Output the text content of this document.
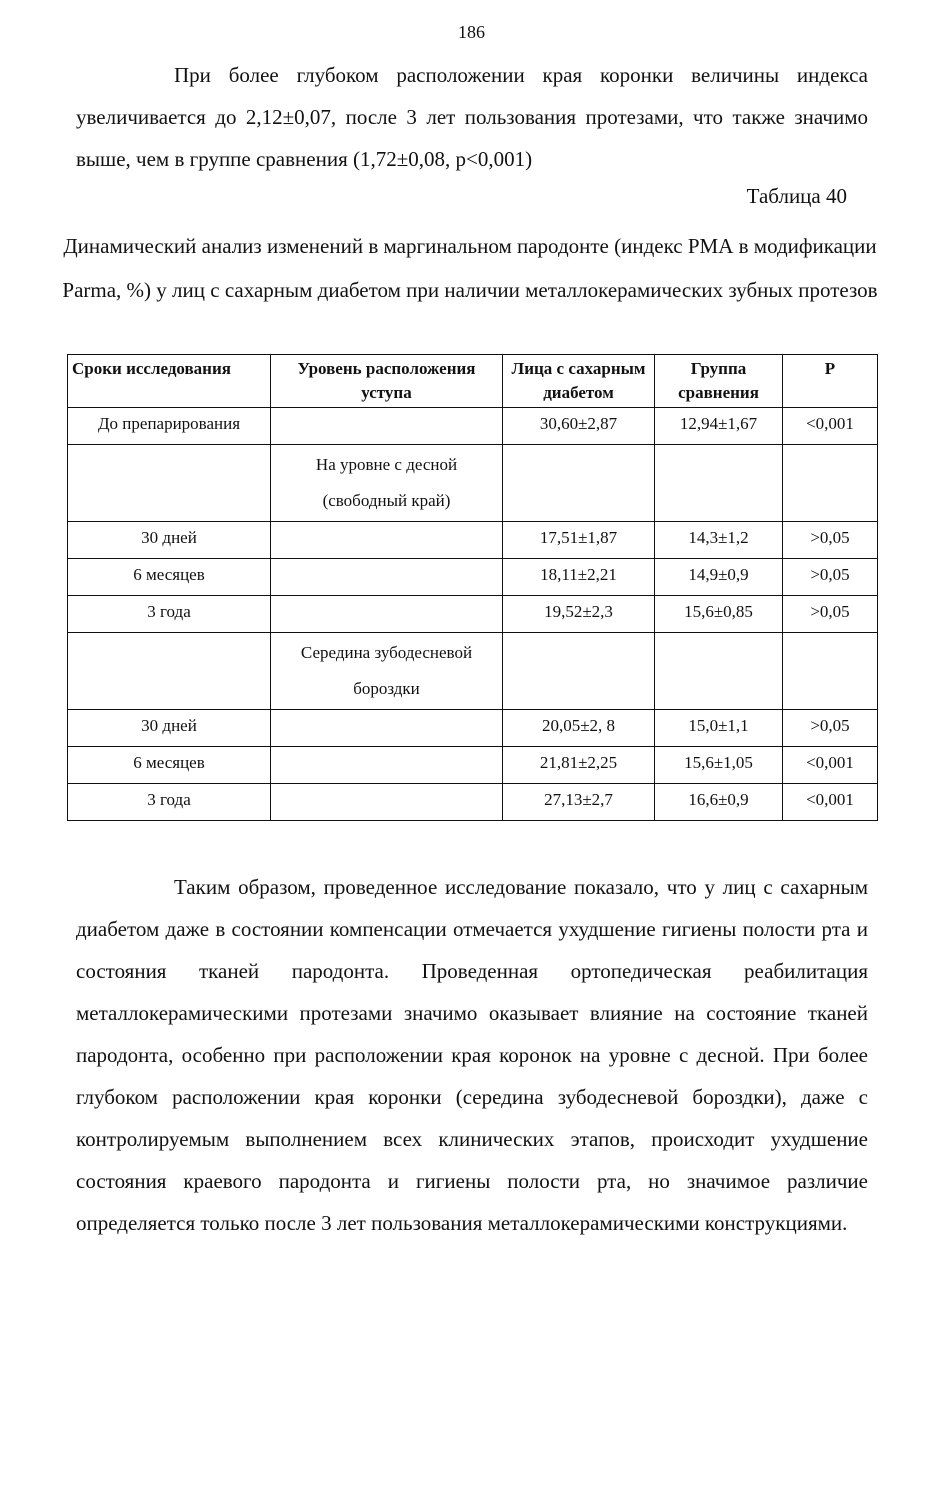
186

При более глубоком расположении края коронки величины индекса увеличивается до 2,12±0,07, после 3 лет пользования протезами, что также значимо выше, чем в группе сравнения (1,72±0,08, p<0,001)

Таблица 40
Динамический анализ изменений в маргинальном пародонте (индекс РМА в модификации Parma, %) у лиц с сахарным диабетом при наличии металлокерамических зубных протезов
Сроки исследования	Уровень расположения уступа	Лица с сахарным диабетом	Группа сравнения	P
До препарирования		30,60±2,87	12,94±1,67	<0,001
	На уровне с десной (свободный край)			
30 дней		17,51±1,87	14,3±1,2	>0,05
6 месяцев		18,11±2,21	14,9±0,9	>0,05
3 года		19,52±2,3	15,6±0,85	>0,05
	Середина зубодесневой бороздки			
30 дней		20,05±2, 8	15,0±1,1	>0,05
6 месяцев		21,81±2,25	15,6±1,05	<0,001
3 года		27,13±2,7	16,6±0,9	<0,001

Таким образом, проведенное исследование показало, что у лиц с сахарным диабетом даже в состоянии компенсации отмечается ухудшение гигиены полости рта и состояния тканей пародонта. Проведенная ортопедическая реабилитация металлокерамическими протезами значимо оказывает влияние на состояние тканей пародонта, особенно при расположении края коронок на уровне с десной. При более глубоком расположении края коронки (середина зубодесневой бороздки), даже с контролируемым выполнением всех клинических этапов, происходит ухудшение состояния краевого пародонта и гигиены полости рта, но значимое различие определяется только после 3 лет пользования металлокерамическими конструкциями.
